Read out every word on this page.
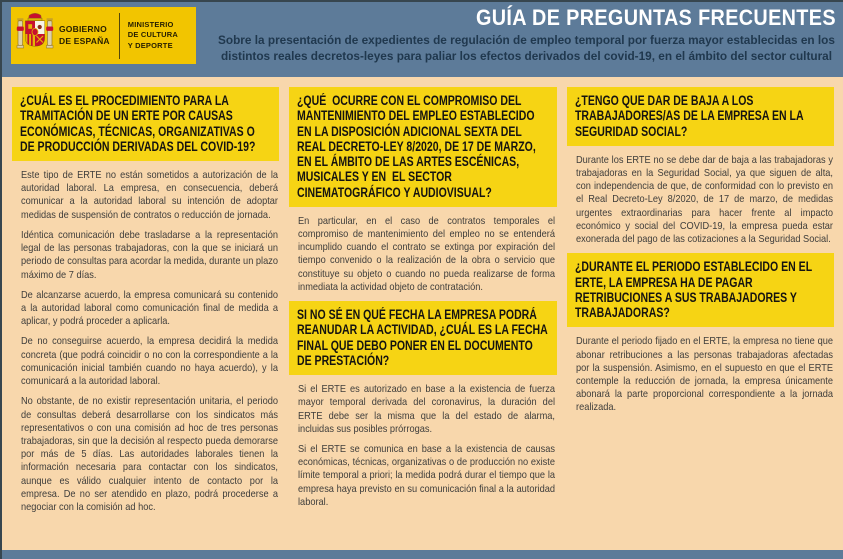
GOBIERNO
DE ESPAÑA
MINISTERIO
DE CULTURA
Y DEPORTE
GUÍA DE PREGUNTAS FRECUENTES
Sobre la presentación de expedientes de regulación de empleo temporal por fuerza mayor establecidas en los
distintos reales decretos-leyes para paliar los efectos derivados del covid-19, en el ámbito del sector cultural
¿CUÁL ES EL PROCEDIMIENTO PARA LA TRAMITACIÓN DE UN ERTE POR CAUSAS ECONÓMICAS, TÉCNICAS, ORGANIZATIVAS O DE PRODUCCIÓN DERIVADAS DEL COVID-19?

Este tipo de ERTE no están sometidos a autorización de la autoridad laboral. La empresa, en consecuencia, deberá comunicar a la autoridad laboral su intención de adoptar medidas de suspensión de contratos o reducción de jornada.

Idéntica comunicación debe trasladarse a la representación legal de las personas trabajadoras, con la que se iniciará un periodo de consultas para acordar la medida, durante un plazo máximo de 7 días.

De alcanzarse acuerdo, la empresa comunicará su contenido a la autoridad laboral como comunicación final de medida a aplicar, y podrá proceder a aplicarla.

De no conseguirse acuerdo, la empresa decidirá la medida concreta (que podrá coincidir o no con la correspondiente a la comunicación inicial también cuando no haya acuerdo), y la comunicará a la autoridad laboral.

No obstante, de no existir representación unitaria, el periodo de consultas deberá desarrollarse con los sindicatos más representativos o con una comisión ad hoc de tres personas trabajadoras, sin que la decisión al respecto pueda demorarse por más de 5 días. Las autoridades laborales tienen la información necesaria para contactar con los sindicatos, aunque es válido cualquier intento de contacto por la empresa. De no ser atendido en plazo, podrá procederse a negociar con la comisión ad hoc.

¿QUÉ  OCURRE CON EL COMPROMISO DEL MANTENIMIENTO DEL EMPLEO ESTABLECIDO EN LA DISPOSICIÓN ADICIONAL SEXTA DEL REAL DECRETO-LEY 8/2020, DE 17 DE MARZO, EN EL ÁMBITO DE LAS ARTES ESCÉNICAS, MUSICALES Y EN  EL SECTOR CINEMATOGRÁFICO Y AUDIOVISUAL?

En particular, en el caso de contratos temporales el compromiso de mantenimiento del empleo no se entenderá incumplido cuando el contrato se extinga por expiración del tiempo convenido o la realización de la obra o servicio que constituye su objeto o cuando no pueda realizarse de forma inmediata la actividad objeto de contratación.

SI NO SÉ EN QUÉ FECHA LA EMPRESA PODRÁ REANUDAR LA ACTIVIDAD, ¿CUÁL ES LA FECHA FINAL QUE DEBO PONER EN EL DOCUMENTO DE PRESTACIÓN?

Si el ERTE es autorizado en base a la existencia de fuerza mayor temporal derivada del coronavirus, la duración del ERTE debe ser la misma que la del estado de alarma, incluidas sus posibles prórrogas.

Si el ERTE se comunica en base a la existencia de causas económicas, técnicas, organizativas o de producción no existe límite temporal a priori; la medida podrá durar el tiempo que la empresa haya previsto en su comunicación final a la autoridad laboral.

¿TENGO QUE DAR DE BAJA A LOS TRABAJADORES/AS DE LA EMPRESA EN LA SEGURIDAD SOCIAL?

Durante los ERTE no se debe dar de baja a las trabajadoras y trabajadoras en la Seguridad Social, ya que siguen de alta, con independencia de que, de conformidad con lo previsto en el Real Decreto-Ley 8/2020, de 17 de marzo, de medidas urgentes extraordinarias para hacer frente al impacto económico y social del COVID-19, la empresa pueda estar exonerada del pago de las cotizaciones a la Seguridad Social.

¿DURANTE EL PERIODO ESTABLECIDO EN EL ERTE, LA EMPRESA HA DE PAGAR RETRIBUCIONES A SUS TRABAJADORES Y TRABAJADORAS?

Durante el periodo fijado en el ERTE, la empresa no tiene que abonar retribuciones a las personas trabajadoras afectadas por la suspensión. Asimismo, en el supuesto en que el ERTE contemple la reducción de jornada, la empresa únicamente abonará la parte proporcional correspondiente a la jornada realizada.
